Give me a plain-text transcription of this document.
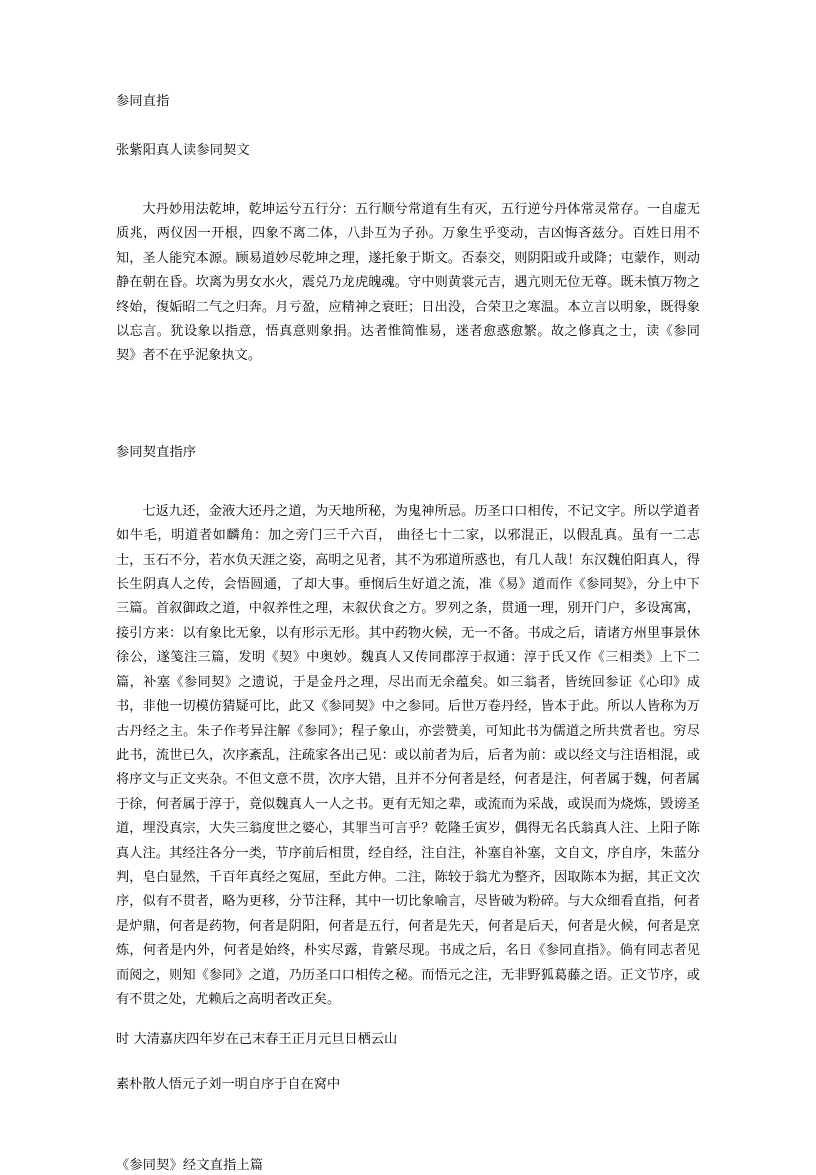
参同直指
张紫阳真人读参同契文
大丹妙用法乾坤，乾坤运兮五行分：五行顺兮常道有生有灭，五行逆兮丹体常灵常存。一自虚无质兆，两仪因一开根，四象不离二体，八卦互为子孙。万象生乎变动，吉凶悔吝兹分。百姓日用不知，圣人能究本源。顾易道妙尽乾坤之理，遂托象于斯文。否泰交，则阴阳或升或降；屯蒙作，则动静在朝在昏。坎离为男女水火，震兑乃龙虎魄魂。守中则黄裳元吉，遇亢则无位无尊。既未慎万物之终始，復姤昭二气之归奔。月亏盈，应精神之衰旺；日出没，合荣卫之寒温。本立言以明象，既得象以忘言。犹设象以指意，悟真意则象捐。达者惟简惟易，迷者愈惑愈繁。故之修真之士，读《参同契》者不在乎泥象执文。
参同契直指序
七返九还，金液大还丹之道，为天地所秘，为鬼神所忌。历圣口口相传，不记文字。所以学道者如牛毛，明道者如麟角：加之旁门三千六百， 曲径七十二家，以邪混正，以假乱真。虽有一二志士，玉石不分，若水负天涯之姿，高明之见者，其不为邪道所惑也，有几人哉！东汉魏伯阳真人，得长生阴真人之传，会悟圆通，了却大事。垂悯后生好道之流，准《易》道而作《参同契》，分上中下三篇。首叙御政之道，中叙养性之理，末叙伏食之方。罗列之条，贯通一理，别开门户，多设寓寓，接引方来：以有象比无象，以有形示无形。其中药物火候，无一不备。书成之后，请诸方州里事景休徐公，遂笺注三篇，发明《契》中奥妙。魏真人又传同郡淳于叔通：淳于氏又作《三相类》上下二篇，补塞《参同契》之遗说，于是金丹之理，尽出而无余蕴矣。如三翁者，皆统回参证《心印》成书，非他一切模仿猜疑可比，此又《参同契》中之参同。后世万卷丹经，皆本于此。所以人皆称为万古丹经之主。朱子作考异注解《参同》；程子象山，亦尝赞美，可知此书为儒道之所共赏者也。穷尽此书，流世已久，次序紊乱，注疏家各出己见：或以前者为后，后者为前：或以经文与注语相混，或将序文与正文夹杂。不但文意不贯，次序大错，且并不分何者是经，何者是注，何者属于魏，何者属于徐，何者属于淳于，竟似魏真人一人之书。更有无知之辈，或流而为采战，或误而为烧炼，毁谤圣道，埋没真宗，大失三翁度世之婆心，其罪当可言乎？乾隆壬寅岁，偶得无名氏翁真人注、上阳子陈真人注。其经注各分一类，节序前后相贯，经自经，注自注，补塞自补塞，文自文，序自序，朱蓝分判，皂白显然，千百年真经之冤屈，至此方伸。二注，陈较于翁尤为整齐，因取陈本为据，其正文次序，似有不贯者，略为更移，分节注释，其中一切比象喻言，尽皆破为粉碎。与大众细看直指，何者是炉鼎，何者是药物，何者是阴阳，何者是五行，何者是先天，何者是后天，何者是火候，何者是烹炼，何者是内外，何者是始终，朴实尽露，肯綮尽现。书成之后，名日《参同直指》。倘有同志者见而阅之，则知《参同》之道，乃历圣口口相传之秘。而悟元之注，无非野狐葛藤之语。正文节序，或有不贯之处，尤赖后之高明者改正矣。
时 大清嘉庆四年岁在己末春王正月元旦日栖云山
素朴散人悟元子刘一明自序于自在窝中
《参同契》经文直指上篇
